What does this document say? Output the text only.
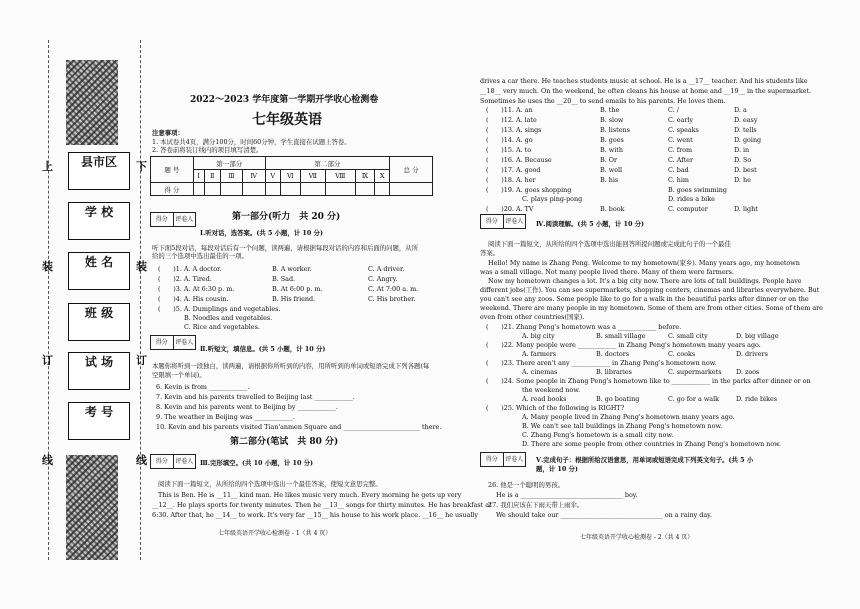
县市区
学 校
姓 名
班 级
试 场
考 号
上	下
装	装
订	订
线	线
2022～2023 学年度第一学期开学收心检测卷
七年级英语
注意事项：
1. 本试卷共4页，满分100分，时间60分钟，学生直接在试题上答卷。
2. 答卷前将装订线内的项目填写清楚。
题 号	第一部分				第二部分						总 分
	Ⅰ	Ⅱ	Ⅲ	Ⅳ	Ⅴ	Ⅵ	Ⅶ	Ⅷ	Ⅸ	Ⅹ	
得 分											
得分	评卷人	第一部分(听力　共 20 分)
Ⅰ.听对话，选答案。(共 5 小题，计 10 分)
听下面5段对话，每段对话后有一个问题，读两遍，请根据每段对话的内容和后面的问题，从所
给的三个选项中选出最佳的一项。
(　　)1. A. A doctor.	B. A worker.	C. A driver.
(　　)2. A. Tired.	B. Sad.	C. Angry.
(　　)3. A. At 6:30 p. m.	B. At 6:00 p. m.	C. At 7:00 a. m.
(　　)4. A. His cousin.	B. His friend.	C. His brother.
(　　)5. A. Dumplings and vegetables.
B. Noodles and vegetables.
C. Rice and vegetables.
得分	评卷人
Ⅱ.听短文，填信息。(共 5 小题，计 10 分)
本题你将听到一段独白，读两遍，请根据你所听到的内容，用所听到的单词或短语完成下列各题(每
空限填一个单词)。
6. Kevin is from ____________.
7. Kevin and his parents travelled to Beijing last ____________.
8. Kevin and his parents went to Beijing by ____________.
9. The weather in Beijing was ____________.
10. Kevin and his parents visited Tian'anmen Square and ________________________ there.
第二部分(笔试　共 80 分)
得分	评卷人 Ⅲ.完形填空。(共 10 小题，计 10 分)
阅读下面一篇短文，从所给的四个选项中选出一个最佳答案，使短文意思完整。
This is Ben. He is __11__ kind man. He likes music very much. Every morning he gets up very
__12__. He plays sports for twenty minutes. Then he __13__ songs for thirty minutes. He has breakfast at
6:30. After that, he __14__ to work. It's very far __15__ his house to his work place. __16__ he usually
七年级英语开学收心检测卷 - 1（共 4 页）
drives a car there. He teaches students music at school. He is a __17__ teacher. And his students like
__18__ very much. On the weekend, he often cleans his house at home and __19__ in the supermarket.
Sometimes he uses the __20__ to send emails to his parents. He loves them.
(　　)11. A. an	B. the	C. /	D. a
(　　)12. A. late	B. slow	C. early	D. easy
(　　)13. A. sings	B. listens	C. speaks	D. tells
(　　)14. A. go	B. goes	C. went	D. going
(　　)15. A. to	B. with	C. from	D. in
(　　)16. A. Because	B. Or	C. After	D. So
(　　)17. A. good	B. well	C. bad	D. best
(　　)18. A. her	B. his	C. him	D. he
(　　)19. A. goes shopping	B. goes swimming
C. plays ping-pong	D. rides a bike
(　　)20. A. TV	B. book	C. computer	D. light
得分	评卷人 Ⅳ.阅读理解。(共 5 小题，计 10 分)
阅读下面一篇短文，从所给的四个选项中选出能回答所提问题或完成此句子的一个最佳
答案。
Hello! My name is Zhang Peng. Welcome to my hometown(家乡). Many years ago, my hometown
was a small village. Not many people lived there. Many of them were farmers.
Now my hometown changes a lot. It's a big city now. There are lots of tall buildings. People have
different jobs(工作). You can see supermarkets, shopping centers, cinemas and libraries everywhere. But
you can't see any zoos. Some people like to go for a walk in the beautiful parks after dinner or on the
weekend. There are many people in my hometown. Some of them are from other cities. Some of them are
even from other countries(国家).
(　　)21. Zhang Peng's hometown was a ____________ before.
A. big city	B. small village	C. small city	D. big village
(　　)22. Many people were ____________ in Zhang Peng's hometown many years ago.
A. farmers	B. doctors	C. cooks	D. drivers
(　　)23. There aren't any ____________ in Zhang Peng's hometown now.
A. cinemas	B. libraries	C. supermarkets D. zoos
(　　)24. Some people in Zhang Peng's hometown like to ____________ in the parks after dinner or on
the weekend now.
A. read books	B. go boating	C. go for a walk	D. ride bikes
(　　)25. Which of the following is RIGHT?
A. Many people lived in Zhang Peng's hometown many years ago.
B. We can't see tall buildings in Zhang Peng's hometown now.
C. Zhang Peng's hometown is a small city now.
D. There are some people from other countries in Zhang Peng's hometown now.
得分	评卷人 Ⅴ.完成句子：根据所给汉语意思，用单词或短语完成下列英文句子。(共 5 小
题，计 10 分)
26. 他是一个聪明的男孩。
He is a ________________________________ boy.
27. 我们应该在下雨天带上雨伞。
We should take our ________________________________ on a rainy day.
七年级英语开学收心检测卷 - 2（共 4 页）
